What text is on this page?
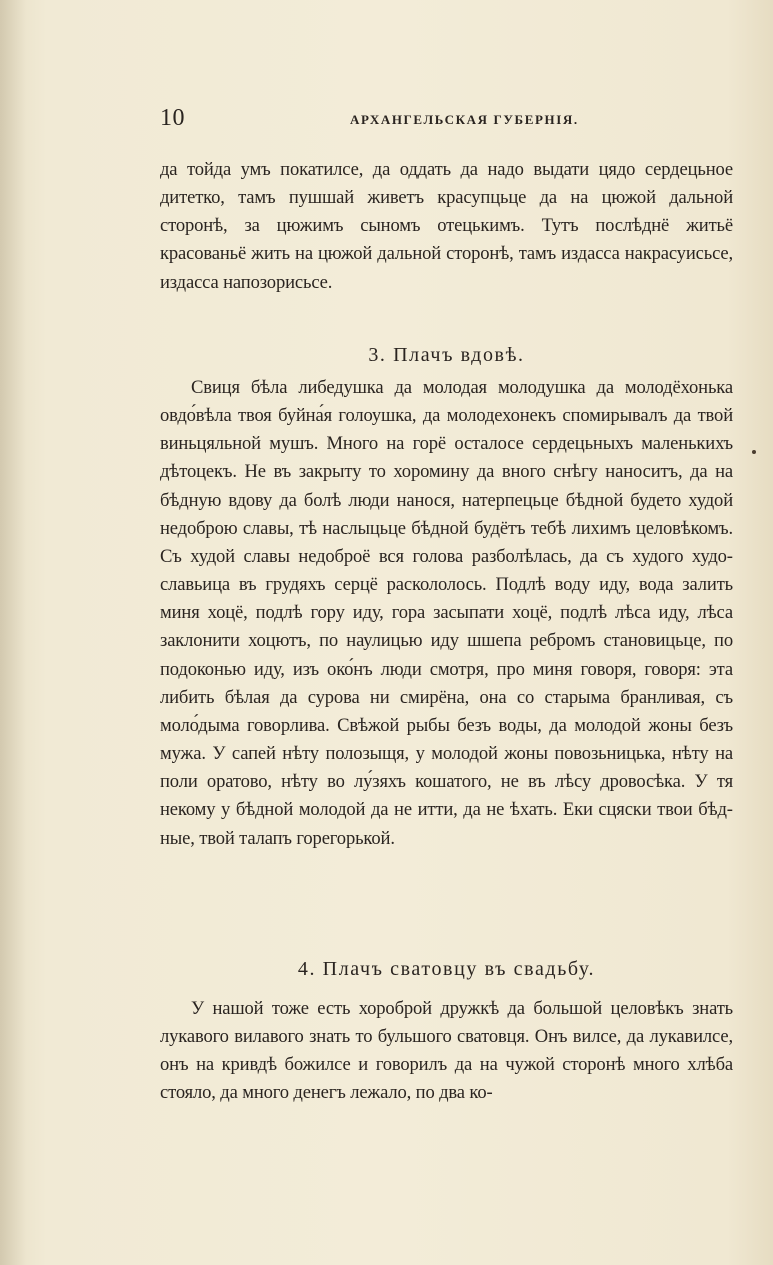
10	АРХАНГЕЛЬСКАЯ ГУБЕРНІЯ.
да тойда умъ покатилсе, да оддать да надо выдати цядо сердецьное дитетко, тамъ пушшай живетъ красупцьце да на цюжой дальной сторонѣ, за цюжимъ сыномъ отецькимъ. Тутъ послѣднё житьё красованьё жить на цюжой дальной сторонѣ, тамъ издасса накрасуисьсе, издасса напозорисьсе.
3. Плачъ вдовѣ.
Свиця бѣла либедушка да молодая молодушка да молодёхонька овдо́вѣла твоя буйна́я голоушка, да молодехонекъ спомирывалъ да твой виньцяльной мушъ. Много на горё осталосе сердецьныхъ маленькихъ дѣтоцекъ. Не въ закрыту то хоромину да вного снѣгу наноситъ, да на бѣдную вдову да болѣ люди нанося, натерпецьце бѣдной будето худой недоброю славы, тѣ наслыцьце бѣдной будётъ тебѣ лихимъ целовѣкомъ. Съ худой славы недоброё вся голова разболѣлась, да съ худого худославьица въ грудяхъ серцё раскололось. Подлѣ воду иду, вода залить миня хоцё, подлѣ гору иду, гора засыпати хоцё, подлѣ лѣса иду, лѣса заклонити хоцютъ, по наулицью иду шшепа ребромъ становицьце, по подоконью иду, изъ око́нъ люди смотря, про миня говоря, говоря: эта либить бѣлая да сурова ни смирёна, она со старыма бранливая, съ моло́дыма говорлива. Свѣжой рыбы безъ воды, да молодой жоны безъ мужа. У сапей нѣту полозыщя, у молодой жоны повозьницька, нѣту на поли оратово, нѣту во лу́зяхъ кошатого, не въ лѣсу дровосѣка. У тя некому у бѣдной молодой да не итти, да не ѣхать. Еки сцяски твои бѣдные, твой талапъ горегорькой.
4. Плачъ сватовцу въ свадьбу.
У нашой тоже есть хороброй дружкѣ да большой целовѣкъ знать лукавого вилавого знать то бульшого сватовця. Онъ вилсе, да лукавилсе, онъ на кривдѣ божилсе и говорилъ да на чужой сторонѣ много хлѣба стояло, да много денегъ лежало, по два ко-
